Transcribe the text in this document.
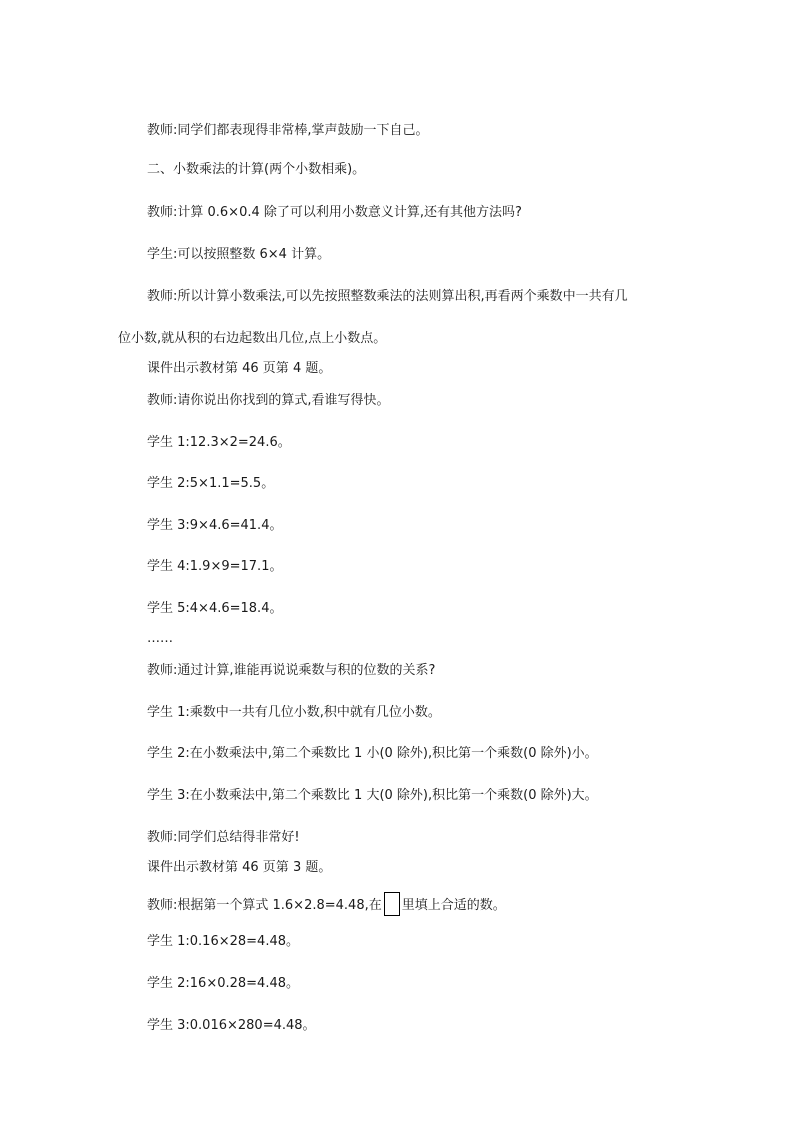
教师:同学们都表现得非常棒,掌声鼓励一下自己。

二、小数乘法的计算(两个小数相乘)。

教师:计算 0.6×0.4 除了可以利用小数意义计算,还有其他方法吗?

学生:可以按照整数 6×4 计算。

教师:所以计算小数乘法,可以先按照整数乘法的法则算出积,再看两个乘数中一共有几

位小数,就从积的右边起数出几位,点上小数点。

课件出示教材第 46 页第 4 题。

教师:请你说出你找到的算式,看谁写得快。

学生 1:12.3×2=24.6。

学生 2:5×1.1=5.5。

学生 3:9×4.6=41.4。

学生 4:1.9×9=17.1。

学生 5:4×4.6=18.4。

……

教师:通过计算,谁能再说说乘数与积的位数的关系?

学生 1:乘数中一共有几位小数,积中就有几位小数。

学生 2:在小数乘法中,第二个乘数比 1 小(0 除外),积比第一个乘数(0 除外)小。

学生 3:在小数乘法中,第二个乘数比 1 大(0 除外),积比第一个乘数(0 除外)大。

教师:同学们总结得非常好!

课件出示教材第 46 页第 3 题。

教师:根据第一个算式 1.6×2.8=4.48,在 里填上合适的数。

学生 1:0.16×28=4.48。

学生 2:16×0.28=4.48。

学生 3:0.016×280=4.48。
